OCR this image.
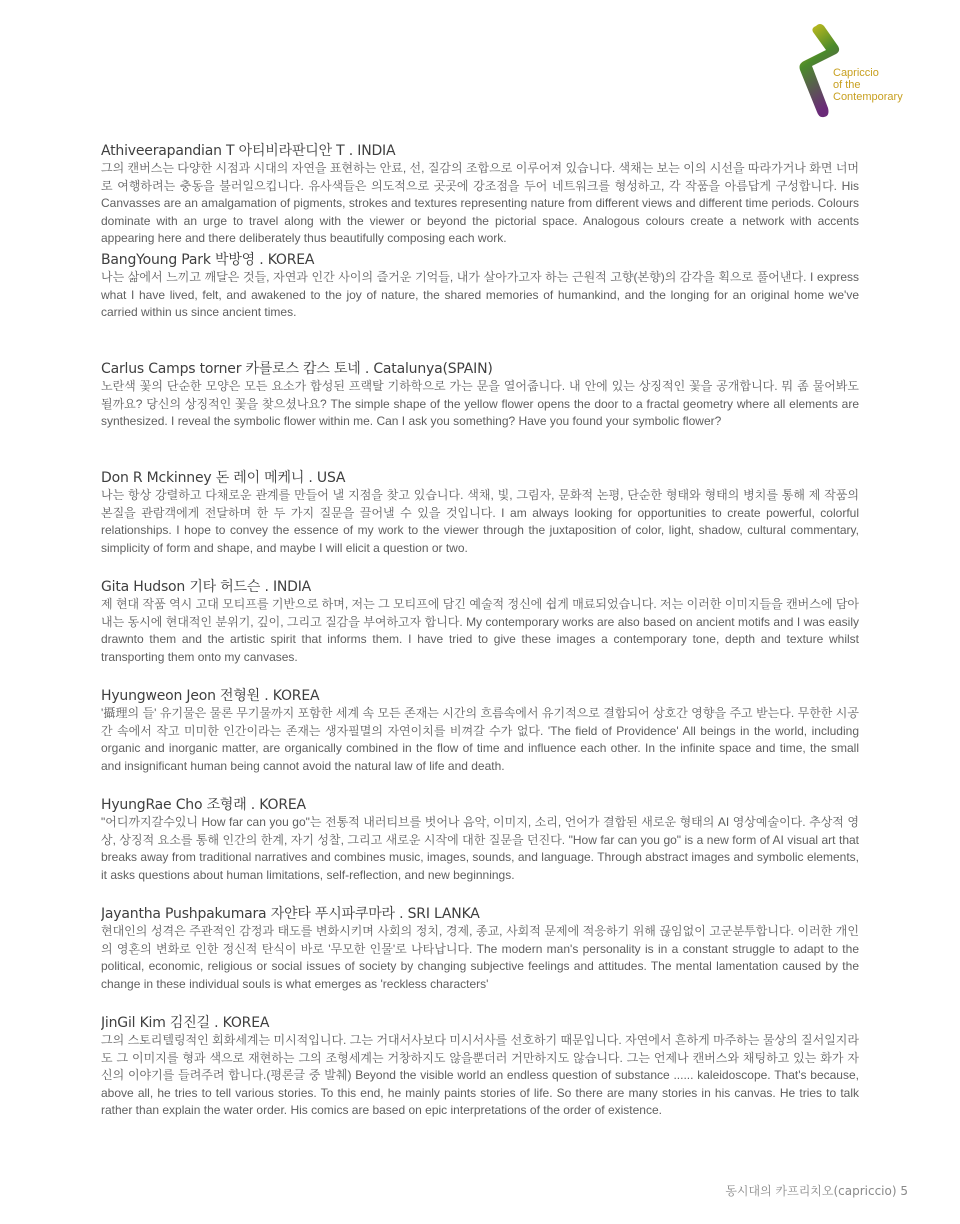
Capriccio
of the
Contemporary
Athiveerapandian T 아티비라판디안 T . INDIA
그의 캔버스는 다양한 시점과 시대의 자연을 표현하는 안료, 선, 질감의 조합으로 이루어져 있습니다. 색채는 보는 이의 시선을 따라가거나 화면 너머로 여행하려는 충동을 불러일으킵니다. 유사색들은 의도적으로 곳곳에 강조점을 두어 네트워크를 형성하고, 각 작품을 아름답게 구성합니다. His Canvasses are an amalgamation of pigments, strokes and textures representing nature from different views and different time periods. Colours dominate with an urge to travel along with the viewer or beyond the pictorial space. Analogous colours create a network with accents appearing here and there deliberately thus beautifully composing each work.
BangYoung Park 박방영 . KOREA
나는 삶에서 느끼고 깨달은 것들, 자연과 인간 사이의 즐거운 기억들, 내가 살아가고자 하는 근원적 고향(본향)의 감각을 획으로 풀어낸다. I express what I have lived, felt, and awakened to the joy of nature, the shared memories of humankind, and the longing for an original home we've carried within us since ancient times.
Carlus Camps torner 카를로스 캄스 토네 . Catalunya(SPAIN)
노란색 꽃의 단순한 모양은 모든 요소가 합성된 프랙탈 기하학으로 가는 문을 열어줍니다. 내 안에 있는 상징적인 꽃을 공개합니다. 뭐 좀 물어봐도 될까요? 당신의 상징적인 꽃을 찾으셨나요? The simple shape of the yellow flower opens the door to a fractal geometry where all elements are synthesized. I reveal the symbolic flower within me. Can I ask you something? Have you found your symbolic flower?
Don R Mckinney 돈 레이 메케니 . USA
나는 항상 강렬하고 다채로운 관계를 만들어 낼 지점을 찾고 있습니다. 색채, 빛, 그림자, 문화적 논평, 단순한 형태와 형태의 병치를 통해 제 작품의 본질을 관람객에게 전달하며 한 두 가지 질문을 끌어낼 수 있을 것입니다. I am always looking for opportunities to create powerful, colorful relationships. I hope to convey the essence of my work to the viewer through the juxtaposition of color, light, shadow, cultural commentary, simplicity of form and shape, and maybe I will elicit a question or two.
Gita Hudson 기타 허드슨 . INDIA
제 현대 작품 역시 고대 모티프를 기반으로 하며, 저는 그 모티프에 담긴 예술적 정신에 쉽게 매료되었습니다. 저는 이러한 이미지들을 캔버스에 담아내는 동시에 현대적인 분위기, 깊이, 그리고 질감을 부여하고자 합니다. My contemporary works are also based on ancient motifs and I was easily drawnto them and the artistic spirit that informs them. I have tried to give these images a contemporary tone, depth and texture whilst transporting them onto my canvases.
Hyungweon Jeon 전형원 . KOREA
'攝理의 들' 유기물은 물론 무기물까지 포함한 세계 속 모든 존재는 시간의 흐름속에서 유기적으로 결합되어 상호간 영향을 주고 받는다. 무한한 시공간 속에서 작고 미미한 인간이라는 존재는 생자필멸의 자연이치를 비껴갈 수가 없다. 'The field of Providence' All beings in the world, including organic and inorganic matter, are organically combined in the flow of time and influence each other. In the infinite space and time, the small and insignificant human being cannot avoid the natural law of life and death.
HyungRae Cho 조형래 . KOREA
"어디까지갈수있니 How far can you go"는 전통적 내러티브를 벗어나 음악, 이미지, 소리, 언어가 결합된 새로운 형태의 AI 영상예술이다. 추상적 영상, 상징적 요소를 통해 인간의 한계, 자기 성찰, 그리고 새로운 시작에 대한 질문을 던진다. "How far can you go" is a new form of AI visual art that breaks away from traditional narratives and combines music, images, sounds, and language. Through abstract images and symbolic elements, it asks questions about human limitations, self-reflection, and new beginnings.
Jayantha Pushpakumara 자얀타 푸시파쿠마라 . SRI LANKA
현대인의 성격은 주관적인 감정과 태도를 변화시키며 사회의 정치, 경제, 종교, 사회적 문제에 적응하기 위해 끊임없이 고군분투합니다. 이러한 개인의 영혼의 변화로 인한 정신적 탄식이 바로 '무모한 인물'로 나타납니다. The modern man's personality is in a constant struggle to adapt to the political, economic, religious or social issues of society by changing subjective feelings and attitudes. The mental lamentation caused by the change in these individual souls is what emerges as 'reckless characters'
JinGil Kim 김진길 . KOREA
그의 스토리텔링적인 회화세계는 미시적입니다. 그는 거대서사보다 미시서사를 선호하기 때문입니다. 자연에서 흔하게 마주하는 물상의 질서일지라도 그 이미지를 형과 색으로 재현하는 그의 조형세계는 거창하지도 않을뿐더러 거만하지도 않습니다. 그는 언제나 캔버스와 채팅하고 있는 화가 자신의 이야기를 들려주려 합니다.(평론글 중 발췌) Beyond the visible world an endless question of substance ...... kaleidoscope. That's because, above all, he tries to tell various stories. To this end, he mainly paints stories of life. So there are many stories in his canvas. He tries to talk rather than explain the water order. His comics are based on epic interpretations of the order of existence.
동시대의 카프리치오(capriccio) 5
